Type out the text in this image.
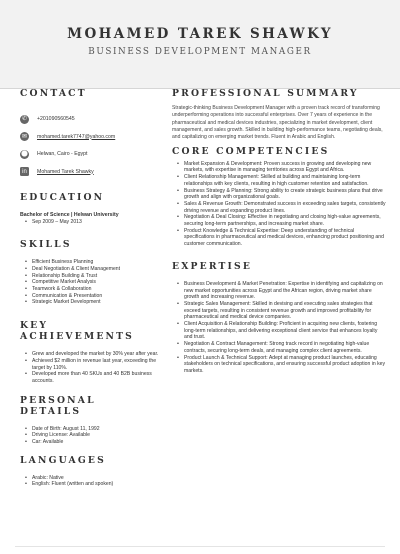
MOHAMED TAREK SHAWKY
BUSINESS DEVELOPMENT MANAGER
CONTACT
✆	+201090560545
✉	mohamed.tarek7747@yahoo.com
⬤ Helwan, Cairo - Egypt
in	Mohamed Tarek Shawky
EDUCATION
Bachelor of Science | Helwan University
• Sep 2009 – May 2013
SKILLS
• Efficient Business Planning
• Deal Negotiation & Client Management
• Relationship Building & Trust
• Competitive Market Analysis
• Teamwork & Collaboration
• Communication & Presentation
• Strategic Market Development
KEY ACHIEVEMENTS
• Grew and developed the market by 30% year after year.
• Achieved $2 million in revenue last year, exceeding the target by 110%.
• Developed more than 40 SKUs and 40 B2B business accounts.
PERSONAL DETAILS
• Date of Birth: August 11, 1992
• Driving License: Available
• Car: Available
LANGUAGES
• Arabic: Native
• English: Fluent (written and spoken)
PROFESSIONAL SUMMARY
Strategic-thinking Business Development Manager with a proven track record of transforming underperforming operations into successful enterprises. Over 7 years of experience in the pharmaceutical and medical devices industries, specializing in market development, client management, and sales growth. Skilled in building high-performance teams, negotiating deals, and capitalizing on emerging market trends. Fluent in Arabic and English.
CORE COMPETENCIES
• Market Expansion & Development: Proven success in growing and developing new markets, with expertise in managing territories across Egypt and Africa.
• Client Relationship Management: Skilled at building and maintaining long-term relationships with key clients, resulting in high customer retention and satisfaction.
• Business Strategy & Planning: Strong ability to create strategic business plans that drive growth and align with organizational goals.
• Sales & Revenue Growth: Demonstrated success in exceeding sales targets, consistently driving revenue and expanding product lines.
• Negotiation & Deal Closing: Effective in negotiating and closing high-value agreements, securing long-term partnerships, and increasing market share.
• Product Knowledge & Technical Expertise: Deep understanding of technical specifications in pharmaceutical and medical devices, enhancing product positioning and customer communication.
EXPERTISE
• Business Development & Market Penetration: Expertise in identifying and capitalizing on new market opportunities across Egypt and the African region, driving market share growth and increasing revenue.
• Strategic Sales Management: Skilled in devising and executing sales strategies that exceed targets, resulting in consistent revenue growth and improved profitability for pharmaceutical and medical device companies.
• Client Acquisition & Relationship Building: Proficient in acquiring new clients, fostering long-term relationships, and delivering exceptional client service that enhances loyalty and trust.
• Negotiation & Contract Management: Strong track record in negotiating high-value contracts, securing long-term deals, and managing complex client agreements.
• Product Launch & Technical Support: Adept at managing product launches, educating stakeholders on technical specifications, and ensuring successful product adoption in key markets.
